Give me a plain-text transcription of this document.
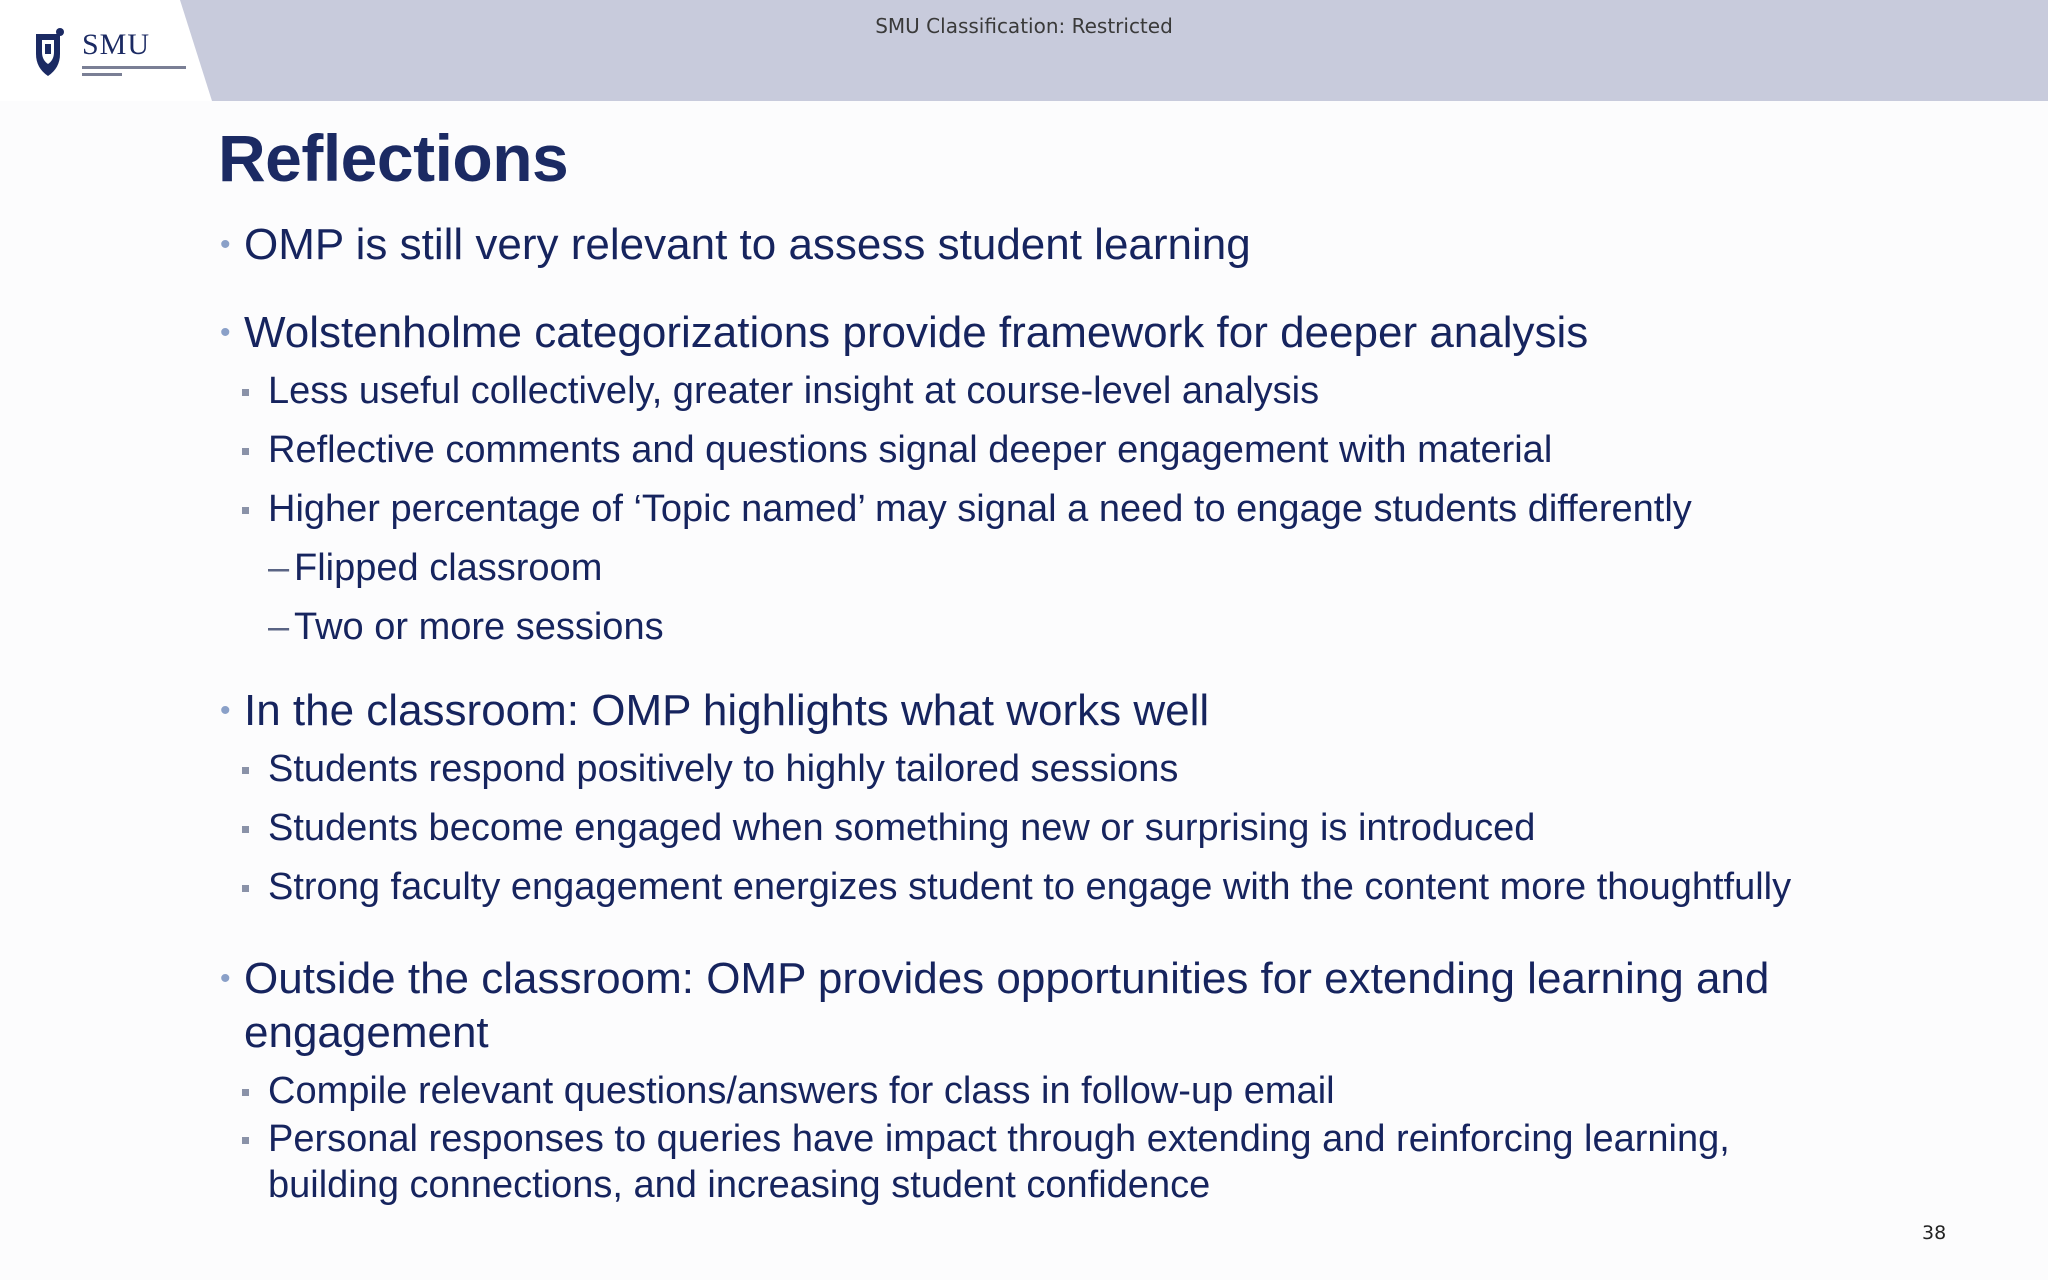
SMU Classification: Restricted
SMU
Reflections
• OMP is still very relevant to assess student learning
• Wolstenholme categorizations provide framework for deeper analysis
Less useful collectively, greater insight at course-level analysis
Reflective comments and questions signal deeper engagement with material
Higher percentage of ‘Topic named’ may signal a need to engage students differently
– Flipped classroom
– Two or more sessions
• In the classroom: OMP highlights what works well
Students respond positively to highly tailored sessions
Students become engaged when something new or surprising is introduced
Strong faculty engagement energizes student to engage with the content more thoughtfully
• Outside the classroom: OMP provides opportunities for extending learning and engagement
Compile relevant questions/answers for class in follow-up email
Personal responses to queries have impact through extending and reinforcing learning, building connections, and increasing student confidence
38
